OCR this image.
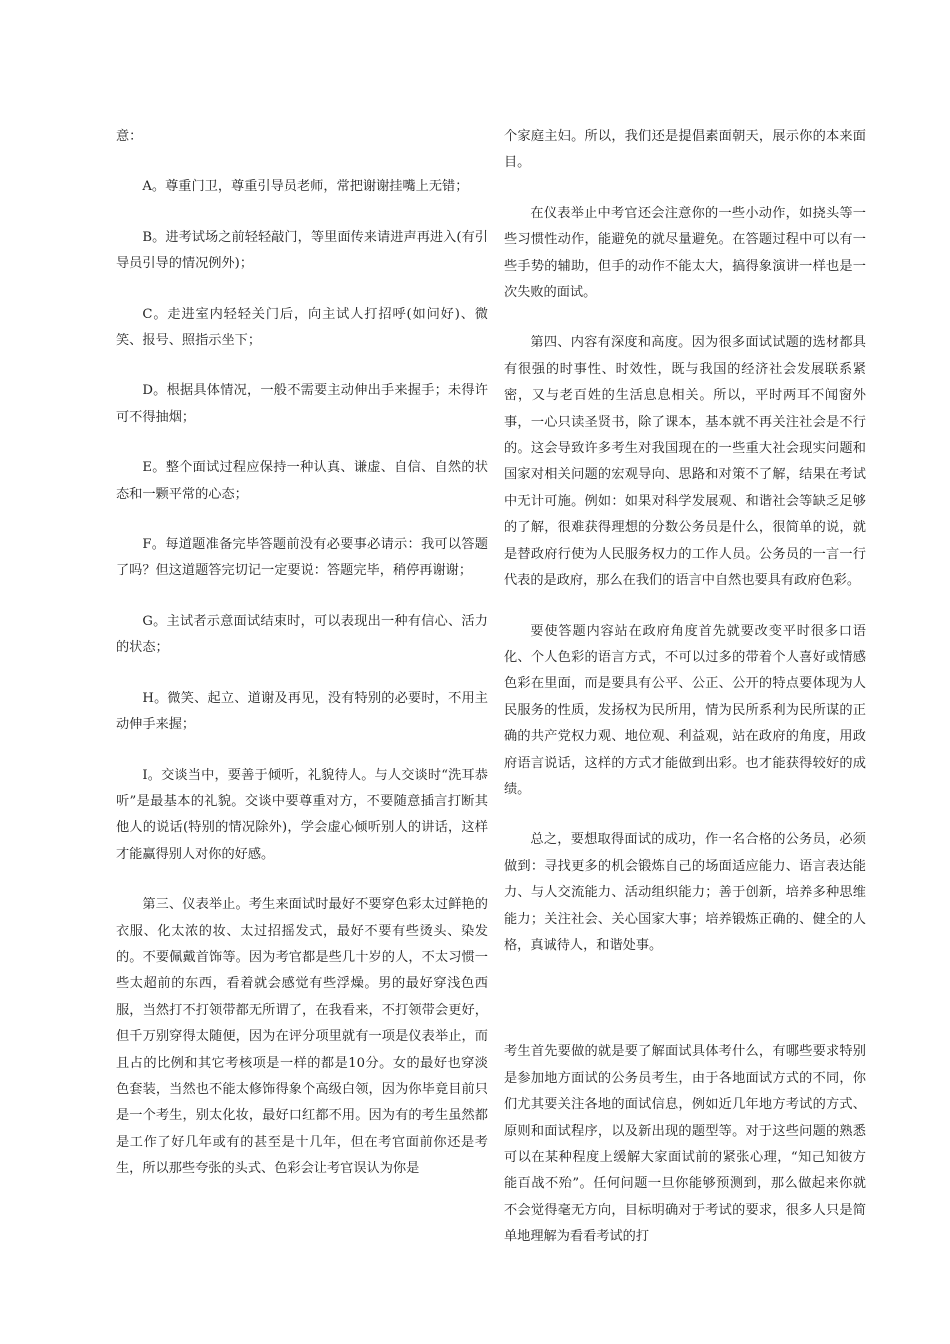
意：

A。尊重门卫，尊重引导员老师，常把谢谢挂嘴上无错；

B。进考试场之前轻轻敲门，等里面传来请进声再进入(有引导员引导的情况例外)；

C。走进室内轻轻关门后，向主试人打招呼(如问好)、微笑、报号、照指示坐下；

D。根据具体情况，一般不需要主动伸出手来握手；未得许可不得抽烟；

E。整个面试过程应保持一种认真、谦虚、自信、自然的状态和一颗平常的心态；

F。每道题准备完毕答题前没有必要事必请示：我可以答题了吗？但这道题答完切记一定要说：答题完毕，稍停再谢谢；

G。主试者示意面试结束时，可以表现出一种有信心、活力的状态；

H。微笑、起立、道谢及再见，没有特别的必要时，不用主动伸手来握；

I。交谈当中，要善于倾听，礼貌待人。与人交谈时“洗耳恭听”是最基本的礼貌。交谈中要尊重对方，不要随意插言打断其他人的说话(特别的情况除外)，学会虚心倾听别人的讲话，这样才能赢得别人对你的好感。

第三、仪表举止。考生来面试时最好不要穿色彩太过鲜艳的衣服、化太浓的妆、太过招摇发式，最好不要有些烫头、染发的。不要佩戴首饰等。因为考官都是些几十岁的人，不太习惯一些太超前的东西，看着就会感觉有些浮燥。男的最好穿浅色西服，当然打不打领带都无所谓了，在我看来，不打领带会更好，但千万别穿得太随便，因为在评分项里就有一项是仪表举止，而且占的比例和其它考核项是一样的都是10分。女的最好也穿淡色套装，当然也不能太修饰得象个高级白领，因为你毕竟目前只是一个考生，别太化妆，最好口红都不用。因为有的考生虽然都是工作了好几年或有的甚至是十几年，但在考官面前你还是考生，所以那些夸张的头式、色彩会让考官误认为你是

个家庭主妇。所以，我们还是提倡素面朝天，展示你的本来面目。

在仪表举止中考官还会注意你的一些小动作，如挠头等一些习惯性动作，能避免的就尽量避免。在答题过程中可以有一些手势的辅助，但手的动作不能太大，搞得象演讲一样也是一次失败的面试。

第四、内容有深度和高度。因为很多面试试题的选材都具有很强的时事性、时效性，既与我国的经济社会发展联系紧密，又与老百姓的生活息息相关。所以，平时两耳不闻窗外事，一心只读圣贤书，除了课本，基本就不再关注社会是不行的。这会导致许多考生对我国现在的一些重大社会现实问题和国家对相关问题的宏观导向、思路和对策不了解，结果在考试中无计可施。例如：如果对科学发展观、和谐社会等缺乏足够的了解，很难获得理想的分数公务员是什么，很简单的说，就是替政府行使为人民服务权力的工作人员。公务员的一言一行代表的是政府，那么在我们的语言中自然也要具有政府色彩。

要使答题内容站在政府角度首先就要改变平时很多口语化、个人色彩的语言方式，不可以过多的带着个人喜好或情感色彩在里面，而是要具有公平、公正、公开的特点要体现为人民服务的性质，发扬权为民所用，情为民所系利为民所谋的正确的共产党权力观、地位观、利益观，站在政府的角度，用政府语言说话，这样的方式才能做到出彩。也才能获得较好的成绩。

总之，要想取得面试的成功，作一名合格的公务员，必须做到：寻找更多的机会锻炼自己的场面适应能力、语言表达能力、与人交流能力、活动组织能力；善于创新，培养多种思维能力；关注社会、关心国家大事；培养锻炼正确的、健全的人格，真诚待人，和谐处事。

考生首先要做的就是要了解面试具体考什么，有哪些要求特别是参加地方面试的公务员考生，由于各地面试方式的不同，你们尤其要关注各地的面试信息，例如近几年地方考试的方式、原则和面试程序，以及新出现的题型等。对于这些问题的熟悉可以在某种程度上缓解大家面试前的紧张心理，“知己知彼方能百战不殆”。任何问题一旦你能够预测到，那么做起来你就不会觉得毫无方向，目标明确对于考试的要求，很多人只是简单地理解为看看考试的打
